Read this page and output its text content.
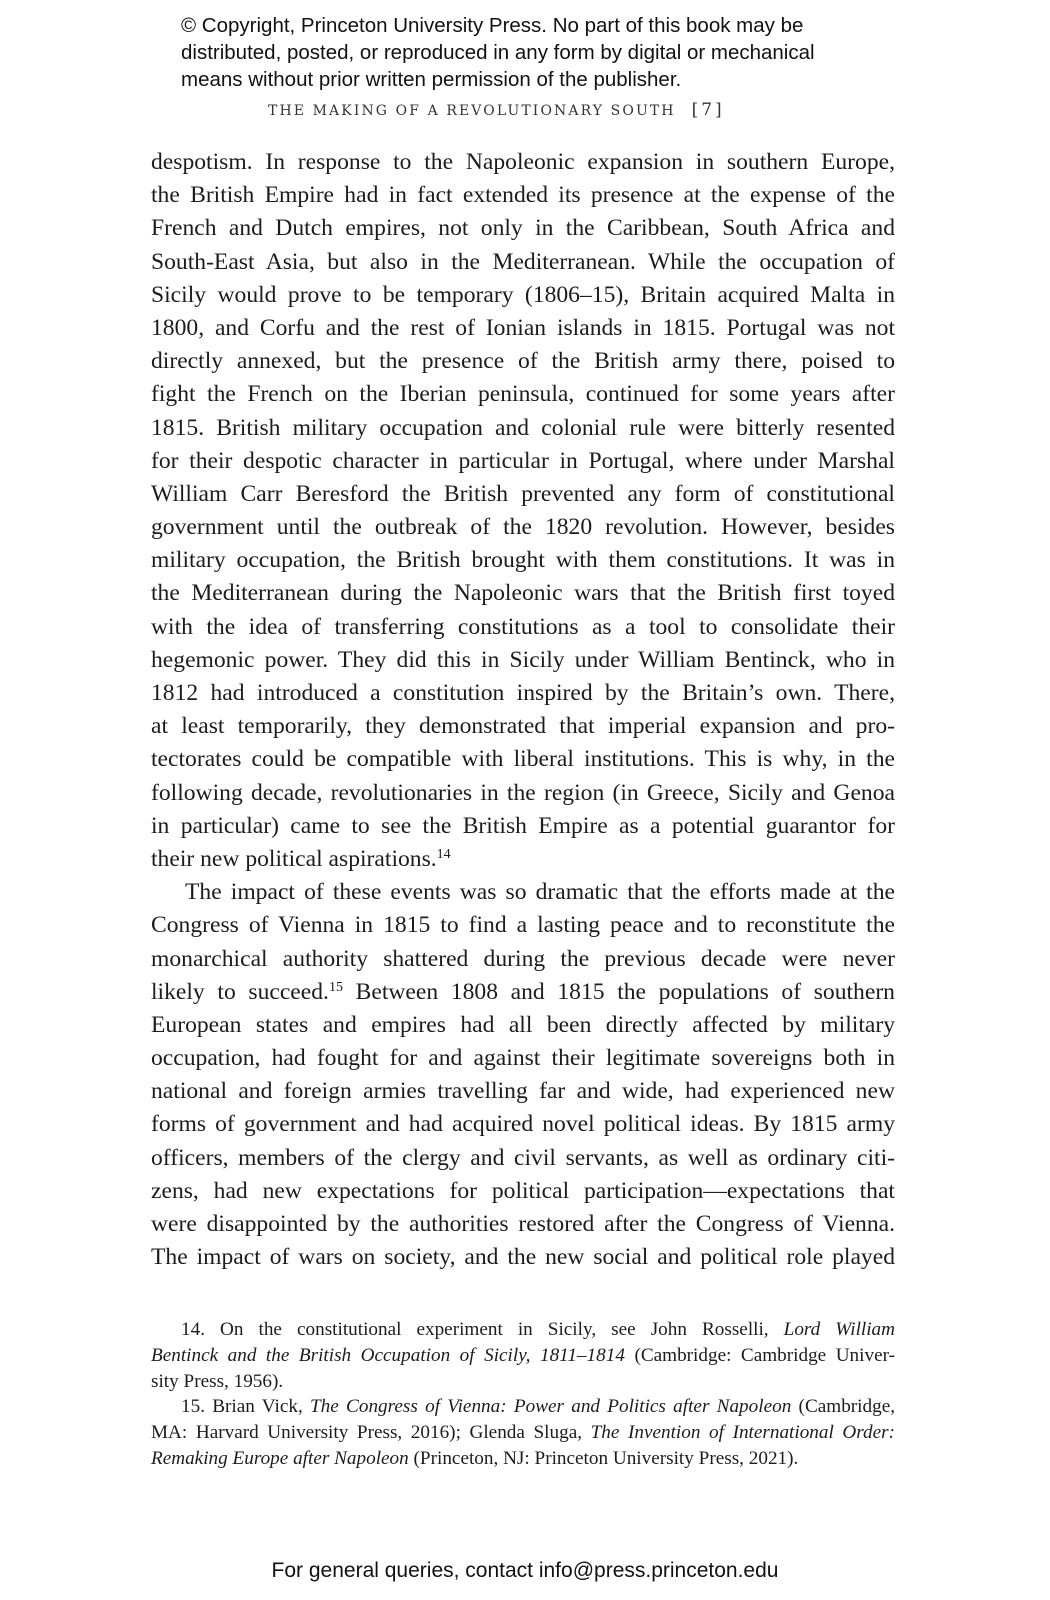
© Copyright, Princeton University Press. No part of this book may be
distributed, posted, or reproduced in any form by digital or mechanical
means without prior written permission of the publisher.
THE MAKING OF A REVOLUTIONARY SOUTH [7]
despotism. In response to the Napoleonic expansion in southern Europe,
the British Empire had in fact extended its presence at the expense of the
French and Dutch empires, not only in the Caribbean, South Africa and
South-East Asia, but also in the Mediterranean. While the occupation of
Sicily would prove to be temporary (1806–15), Britain acquired Malta in
1800, and Corfu and the rest of Ionian islands in 1815. Portugal was not
directly annexed, but the presence of the British army there, poised to
fight the French on the Iberian peninsula, continued for some years after
1815. British military occupation and colonial rule were bitterly resented
for their despotic character in particular in Portugal, where under Marshal
William Carr Beresford the British prevented any form of constitutional
government until the outbreak of the 1820 revolution. However, besides
military occupation, the British brought with them constitutions. It was in
the Mediterranean during the Napoleonic wars that the British first toyed
with the idea of transferring constitutions as a tool to consolidate their
hegemonic power. They did this in Sicily under William Bentinck, who in
1812 had introduced a constitution inspired by the Britain’s own. There,
at least temporarily, they demonstrated that imperial expansion and pro-
tectorates could be compatible with liberal institutions. This is why, in the
following decade, revolutionaries in the region (in Greece, Sicily and Genoa
in particular) came to see the British Empire as a potential guarantor for
their new political aspirations.$^{14}$
The impact of these events was so dramatic that the efforts made at the
Congress of Vienna in 1815 to find a lasting peace and to reconstitute the
monarchical authority shattered during the previous decade were never
likely to succeed.$^{15}$ Between 1808 and 1815 the populations of southern
European states and empires had all been directly affected by military
occupation, had fought for and against their legitimate sovereigns both in
national and foreign armies travelling far and wide, had experienced new
forms of government and had acquired novel political ideas. By 1815 army
officers, members of the clergy and civil servants, as well as ordinary citi-
zens, had new expectations for political participation—expectations that
were disappointed by the authorities restored after the Congress of Vienna.
The impact of wars on society, and the new social and political role played
14. On the constitutional experiment in Sicily, see John Rosselli, Lord William
Bentinck and the British Occupation of Sicily, 1811–1814 (Cambridge: Cambridge Univer-
sity Press, 1956).
15. Brian Vick, The Congress of Vienna: Power and Politics after Napoleon (Cambridge,
MA: Harvard University Press, 2016); Glenda Sluga, The Invention of International Order:
Remaking Europe after Napoleon (Princeton, NJ: Princeton University Press, 2021).
For general queries, contact info@press.princeton.edu
